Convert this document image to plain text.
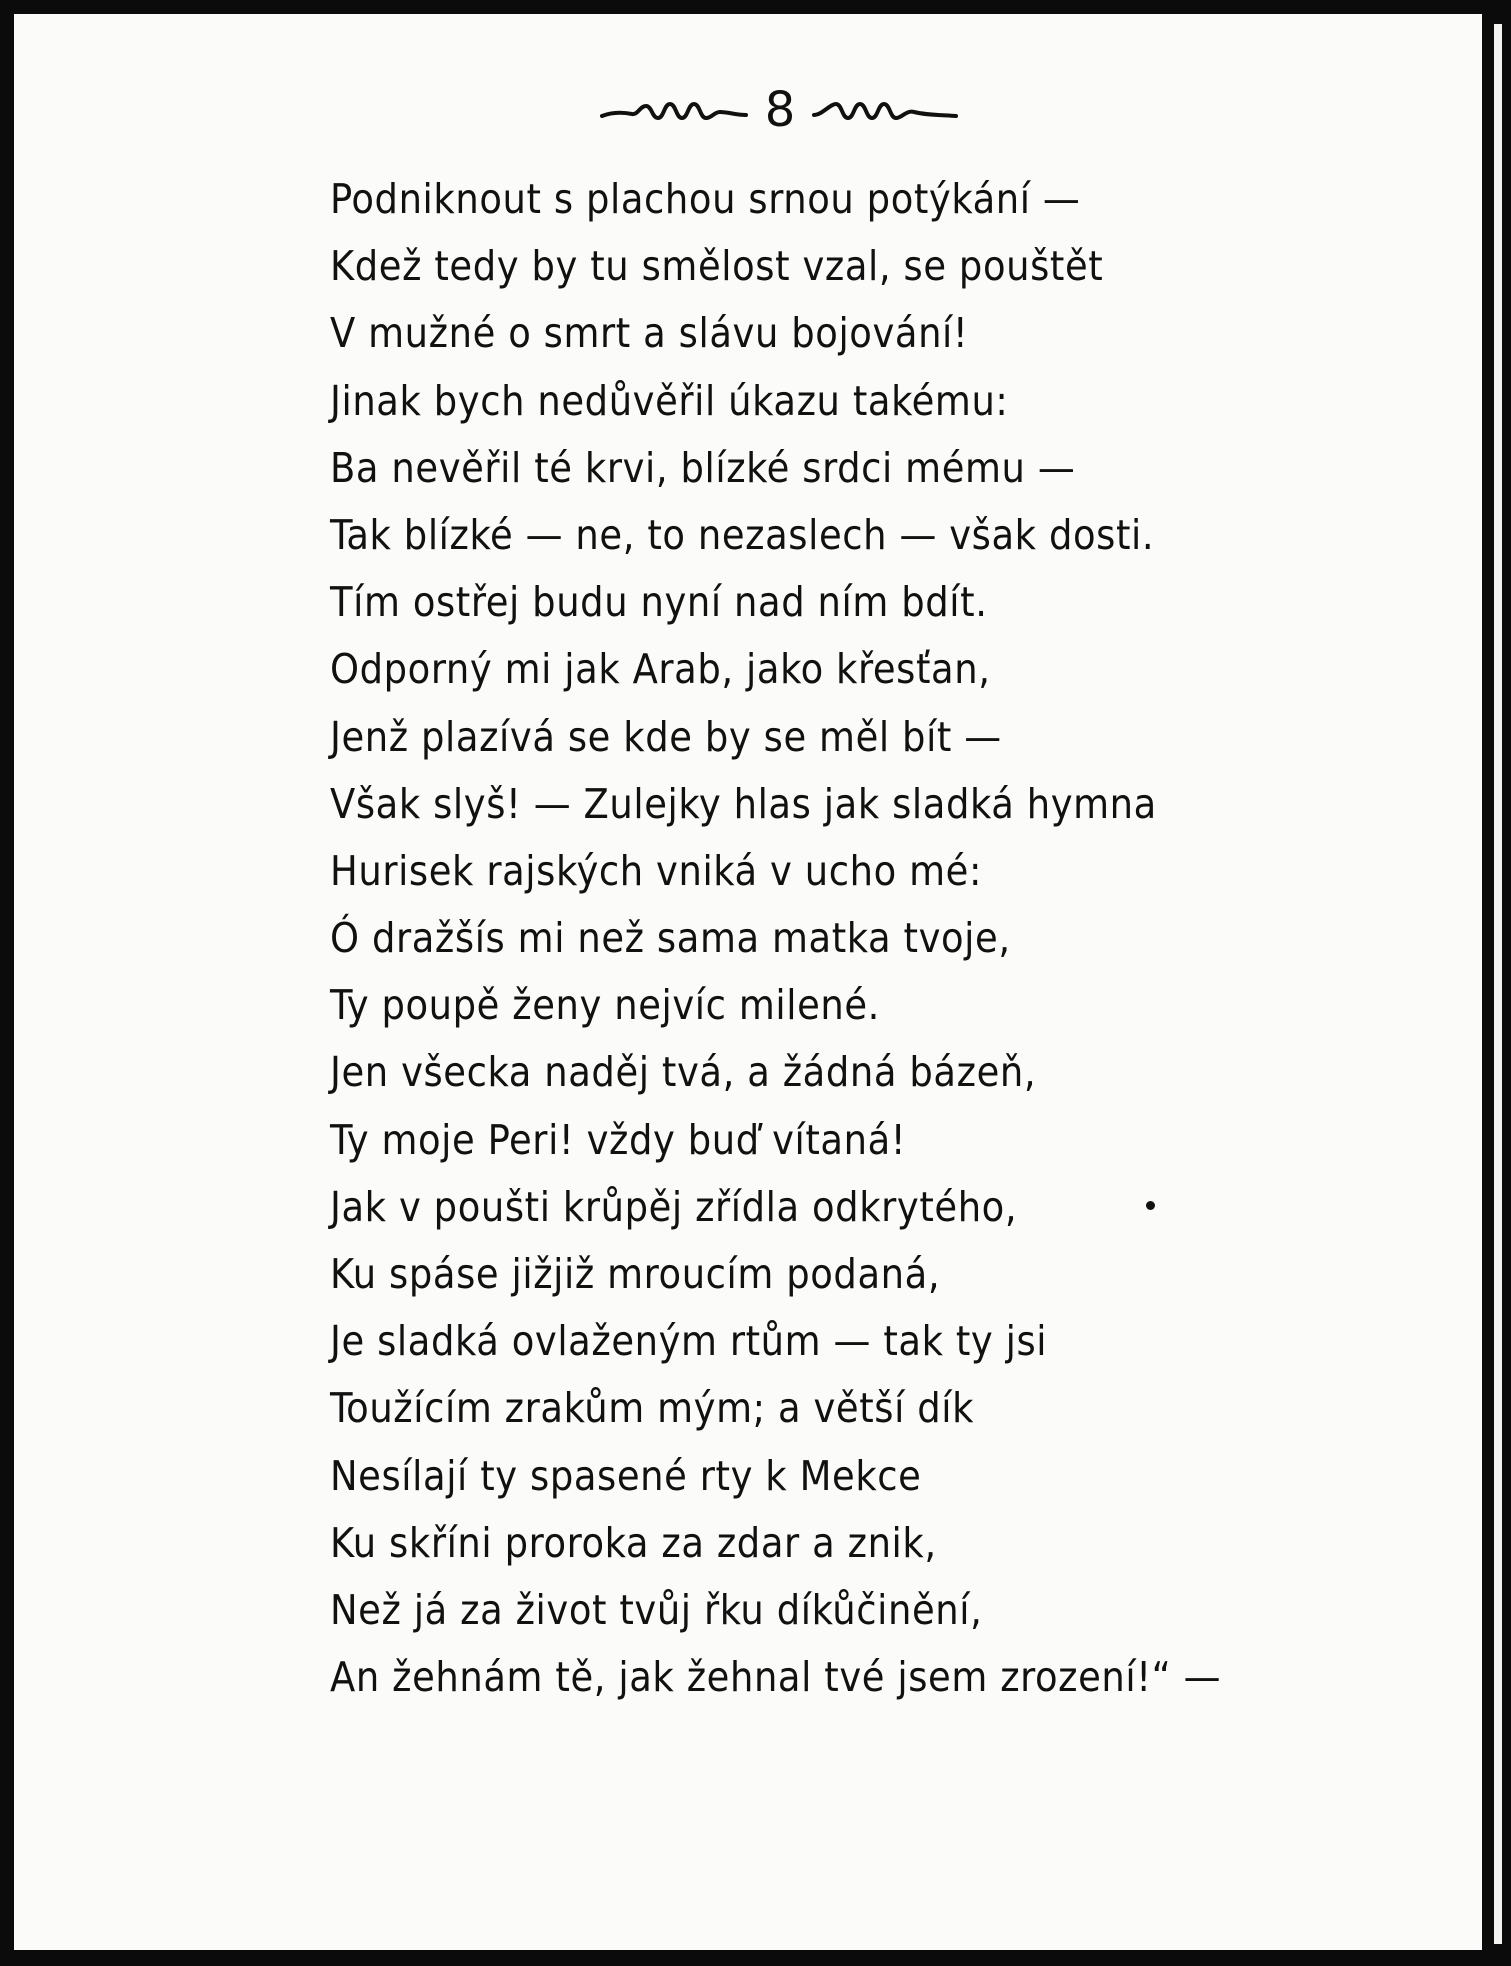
8
Podniknout s plachou srnou potýkání —
Kdež tedy by tu smělost vzal, se pouštět
V mužné o smrt a slávu bojování!
Jinak bych nedůvěřil úkazu takému:
Ba nevěřil té krvi, blízké srdci mému —
Tak blízké — ne, to nezaslech — však dosti.
Tím ostřej budu nyní nad ním bdít.
Odporný mi jak Arab, jako křesťan,
Jenž plazívá se kde by se měl bít —
Však slyš! — Zulejky hlas jak sladká hymna
Hurisek rajských vniká v ucho mé:
Ó dražšís mi než sama matka tvoje,
Ty poupě ženy nejvíc milené.
Jen všecka naděj tvá, a žádná bázeň,
Ty moje Peri! vždy buď vítaná!
Jak v poušti krůpěj zřídla odkrytého,
Ku spáse jižjiž mroucím podaná,
Je sladká ovlaženým rtům — tak ty jsi
Toužícím zrakům mým; a větší dík
Nesílají ty spasené rty k Mekce
Ku skříni proroka za zdar a znik,
Než já za život tvůj řku díkůčinění,
An žehnám tě, jak žehnal tvé jsem zrození!“ —
